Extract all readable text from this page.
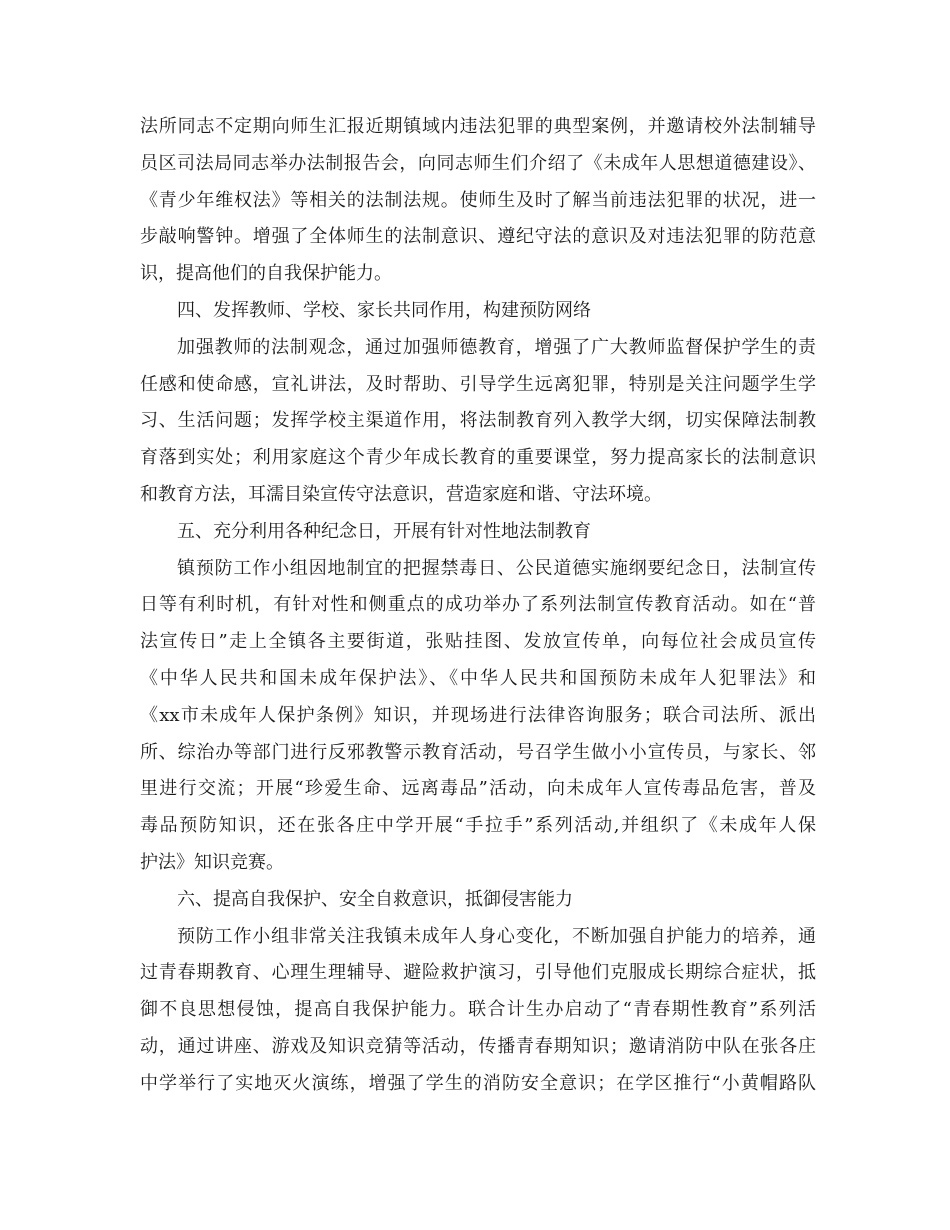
法所同志不定期向师生汇报近期镇域内违法犯罪的典型案例，并邀请校外法制辅导
员区司法局同志举办法制报告会，向同志师生们介绍了《未成年人思想道德建设》、
《青少年维权法》等相关的法制法规。使师生及时了解当前违法犯罪的状况，进一
步敲响警钟。增强了全体师生的法制意识、遵纪守法的意识及对违法犯罪的防范意
识，提高他们的自我保护能力。
四、发挥教师、学校、家长共同作用，构建预防网络
加强教师的法制观念，通过加强师德教育，增强了广大教师监督保护学生的责
任感和使命感，宣礼讲法，及时帮助、引导学生远离犯罪，特别是关注问题学生学
习、生活问题；发挥学校主渠道作用，将法制教育列入教学大纲，切实保障法制教
育落到实处；利用家庭这个青少年成长教育的重要课堂，努力提高家长的法制意识
和教育方法，耳濡目染宣传守法意识，营造家庭和谐、守法环境。
五、充分利用各种纪念日，开展有针对性地法制教育
镇预防工作小组因地制宜的把握禁毒日、公民道德实施纲要纪念日，法制宣传
日等有利时机，有针对性和侧重点的成功举办了系列法制宣传教育活动。如在“普
法宣传日”走上全镇各主要街道，张贴挂图、发放宣传单，向每位社会成员宣传
《中华人民共和国未成年保护法》、《中华人民共和国预防未成年人犯罪法》和
《xx市未成年人保护条例》知识，并现场进行法律咨询服务；联合司法所、派出
所、综治办等部门进行反邪教警示教育活动，号召学生做小小宣传员，与家长、邻
里进行交流；开展“珍爱生命、远离毒品”活动，向未成年人宣传毒品危害，普及
毒品预防知识，还在张各庄中学开展“手拉手”系列活动,并组织了《未成年人保
护法》知识竞赛。
六、提高自我保护、安全自救意识，抵御侵害能力
预防工作小组非常关注我镇未成年人身心变化，不断加强自护能力的培养，通
过青春期教育、心理生理辅导、避险救护演习，引导他们克服成长期综合症状，抵
御不良思想侵蚀，提高自我保护能力。联合计生办启动了“青春期性教育”系列活
动，通过讲座、游戏及知识竞猜等活动，传播青春期知识；邀请消防中队在张各庄
中学举行了实地灭火演练，增强了学生的消防安全意识；在学区推行“小黄帽路队
